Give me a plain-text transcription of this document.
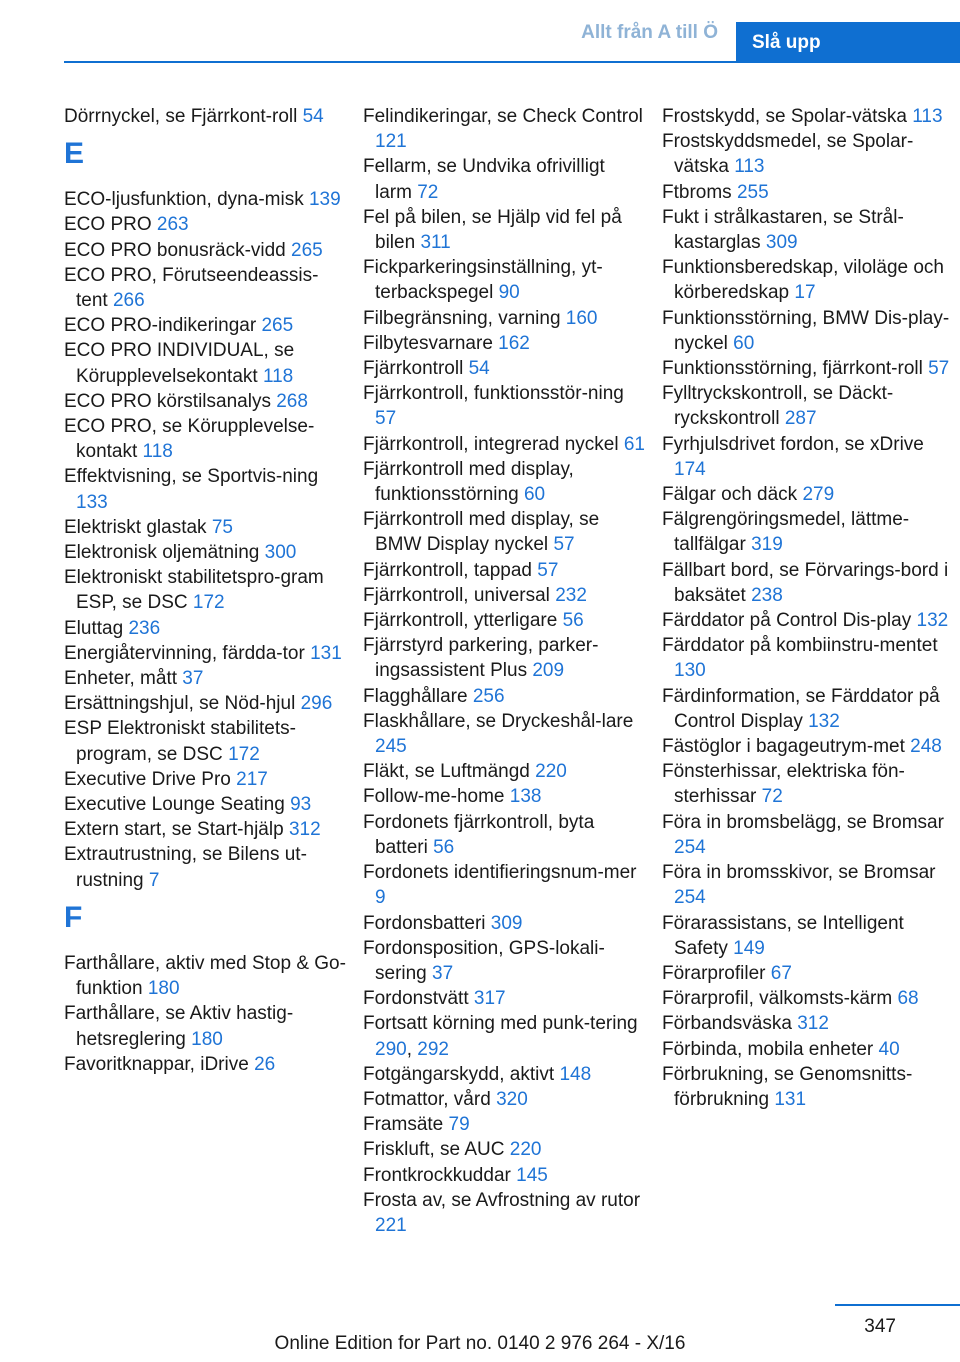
Allt från A till Ö	Slå upp
Dörrnyckel, se Fjärrkont‐roll 54
E
ECO-ljusfunktion, dyna‐misk 139
ECO PRO 263
ECO PRO bonusräck‐vidd 265
ECO PRO, Förutseendeassis‐tent 266
ECO PRO-indikeringar 265
ECO PRO INDIVIDUAL, se Körupplevelsekontakt 118
ECO PRO körstilsanalys 268
ECO PRO, se Körupplevelse‐kontakt 118
Effektvisning, se Sportvis‐ning 133
Elektriskt glastak 75
Elektronisk oljemätning 300
Elektroniskt stabilitetspro‐gram ESP, se DSC 172
Eluttag 236
Energiåtervinning, färdda‐tor 131
Enheter, mått 37
Ersättningshjul, se Nöd‐hjul 296
ESP Elektroniskt stabilitets‐program, se DSC 172
Executive Drive Pro 217
Executive Lounge Seating 93
Extern start, se Start‐hjälp 312
Extrautrustning, se Bilens ut‐rustning 7
F
Farthållare, aktiv med Stop & Go-funktion 180
Farthållare, se Aktiv hastig‐hetsreglering 180
Favoritknappar, iDrive 26
Felindikeringar, se Check Control 121
Fellarm, se Undvika ofrivilligt larm 72
Fel på bilen, se Hjälp vid fel på bilen 311
Fickparkeringsinställning, yt‐terbackspegel 90
Filbegränsning, varning 160
Filbytesvarnare 162
Fjärrkontroll 54
Fjärrkontroll, funktionsstör‐ning 57
Fjärrkontroll, integrerad nyckel 61
Fjärrkontroll med display, funktionsstörning 60
Fjärrkontroll med display, se BMW Display nyckel 57
Fjärrkontroll, tappad 57
Fjärrkontroll, universal 232
Fjärrkontroll, ytterligare 56
Fjärrstyrd parkering, parker‐ingsassistent Plus 209
Flagghållare 256
Flaskhållare, se Dryckeshål‐lare 245
Fläkt, se Luftmängd 220
Follow-me-home 138
Fordonets fjärrkontroll, byta batteri 56
Fordonets identifieringsnum‐mer 9
Fordonsbatteri 309
Fordonsposition, GPS-lokali‐sering 37
Fordonstvätt 317
Fortsatt körning med punk‐tering 290, 292
Fotgängarskydd, aktivt 148
Fotmattor, vård 320
Framsäte 79
Friskluft, se AUC 220
Frontkrockkuddar 145
Frosta av, se Avfrostning av rutor 221
Frostskydd, se Spolar‐vätska 113
Frostskyddsmedel, se Spolar‐vätska 113
Ftbroms 255
Fukt i strålkastaren, se Strål‐kastarglas 309
Funktionsberedskap, viloläge och körberedskap 17
Funktionsstörning, BMW Dis‐play-nyckel 60
Funktionsstörning, fjärrkont‐roll 57
Fylltryckskontroll, se Däckt‐ryckskontroll 287
Fyrhjulsdrivet fordon, se xDrive 174
Fälgar och däck 279
Fälgrengöringsmedel, lättme‐tallfälgar 319
Fällbart bord, se Förvarings‐bord i baksätet 238
Färddator på Control Dis‐play 132
Färddator på kombiinstru‐mentet 130
Färdinformation, se Färddator på Control Display 132
Fästöglor i bagageutrym‐met 248
Fönsterhissar, elektriska fön‐sterhissar 72
Föra in bromsbelägg, se Bromsar 254
Föra in bromsskivor, se Bromsar 254
Förarassistans, se Intelligent Safety 149
Förarprofiler 67
Förarprofil, välkomsts‐kärm 68
Förbandsväska 312
Förbinda, mobila enheter 40
Förbrukning, se Genomsnitts‐förbrukning 131
347
Online Edition for Part no. 0140 2 976 264 - X/16
